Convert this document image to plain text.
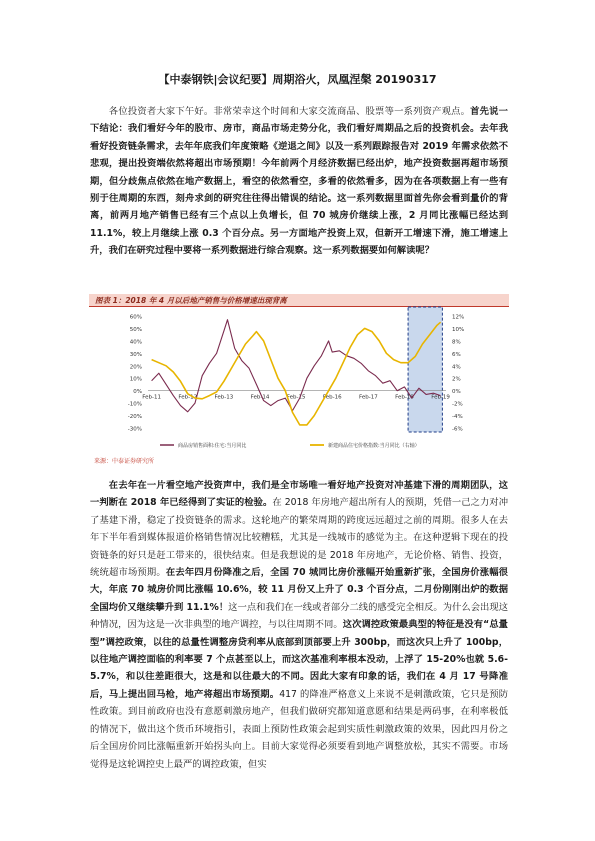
【中泰钢铁|会议纪要】周期浴火，凤凰涅槃 20190317

  各位投资者大家下午好。非常荣幸这个时间和大家交流商品、股票等一系列资产观点。首先说一下结论：我们看好今年的股市、房市，商品市场走势分化，我们看好周期品之后的投资机会。去年我看好投资链条需求，去年年底我们年度策略《逆退之间》以及一系列跟踪报告对 2019 年需求依然不悲观，提出投资端依然将超出市场预期！今年前两个月经济数据已经出炉，地产投资数据再超市场预期，但分歧焦点依然在地产数据上，看空的依然看空，多看的依然看多，因为在各项数据上有一些有别于往周期的东西，刻舟求剑的研究往往得出错误的结论。这一系列数据里面首先你会看到量价的背离，前两月地产销售已经有三个点以上负增长，但 70 城房价继续上涨，2 月同比涨幅已经达到 11.1%，较上月继续上涨 0.3 个百分点。另一方面地产投资上双，但新开工增速下滑，施工增速上升，我们在研究过程中要将一系列数据进行综合观察。这一系列数据要如何解读呢？

图表 1：2018 年 4 月以后地产销售与价格增速出现背离
60%
50%
40%
30%
20%
10%
0%
-10%
-20%
-30%
12%
10%
8%
6%
4%
2%
0%
-2%
-4%
-6%
Feb-11	Feb-12	Feb-13	Feb-14	Feb-15	Feb-16	Feb-17	Feb-18	Feb-19
商品房销售面积:住宅:当月同比	新建商品住宅价格指数:当月同比（右轴）
来源：中泰证券研究所

  在去年在一片看空地产投资声中，我们是全市场唯一看好地产投资对冲基建下滑的周期团队，这一判断在 2018 年已经得到了实证的检验。在 2018 年房地产超出所有人的预期，凭借一己之力对冲了基建下滑，稳定了投资链条的需求。这轮地产的繁荣周期的跨度远远超过之前的周期。很多人在去年下半年看到媒体报道价格销售情况比较糟糕，尤其是一线城市的感觉为主。在这种逻辑下现在的投资链条的好只是赶工带来的，很快结束。但是我想说的是 2018 年房地产，无论价格、销售、投资，统统超市场预期。在去年四月份降准之后，全国 70 城同比房价涨幅开始重新扩张，全国房价涨幅很大，年底 70 城房价同比涨幅 10.6%，较 11 月份又上升了 0.3 个百分点，二月份刚刚出炉的数据全国均价又继续攀升到 11.1%！这一点和我们在一线或者部分二线的感受完全相反。为什么会出现这种情况，因为这是一次非典型的地产调控，与以往周期不同。这次调控政策最典型的特征是没有“总量型”调控政策，以往的总量性调整房贷利率从底部到顶部要上升 300bp，而这次只上升了 100bp，以往地产调控面临的利率要 7 个点甚至以上，而这次基准利率根本没动，上浮了 15-20%也就 5.6-5.7%，和以往差距很大，这是和以往最大的不同。因此大家有印象的话，我们在 4 月 17 号降准后，马上提出回马枪，地产将超出市场预期。417 的降准严格意义上来说不是刺激政策，它只是预防性政策。到目前政府也没有意愿刺激房地产，但我们做研究都知道意愿和结果是两码事，在利率极低的情况下，做出这个货币环境指引，表面上预防性政策会起到实质性刺激政策的效果，因此四月份之后全国房价同比涨幅重新开始拐头向上。目前大家觉得必须要看到地产调整放松，其实不需要。市场觉得是这轮调控史上最严的调控政策，但实
